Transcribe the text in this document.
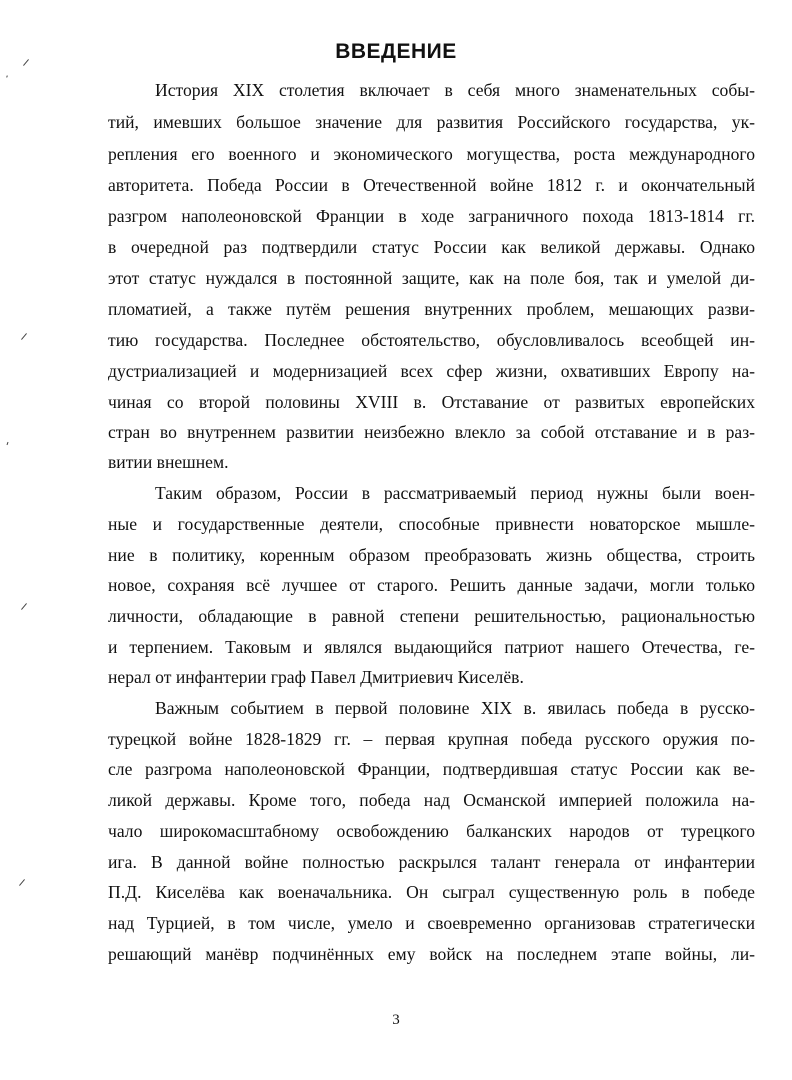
ВВЕДЕНИЕ
История XIX столетия включает в себя много знаменательных собы-
тий, имевших большое значение для развития Российского государства, ук-
репления его военного и экономического могущества, роста международного
авторитета. Победа России в Отечественной войне 1812 г. и окончательный
разгром наполеоновской Франции в ходе заграничного похода 1813-1814 гг.
в очередной раз подтвердили статус России как великой державы. Однако
этот статус нуждался в постоянной защите, как на поле боя, так и умелой ди-
пломатией, а также путём решения внутренних проблем, мешающих разви-
тию государства. Последнее обстоятельство, обусловливалось всеобщей ин-
дустриализацией и модернизацией всех сфер жизни, охвативших Европу на-
чиная со второй половины XVIII в. Отставание от развитых европейских
стран во внутреннем развитии неизбежно влекло за собой отставание и в раз-
витии внешнем.
Таким образом, России в рассматриваемый период нужны были воен-
ные и государственные деятели, способные привнести новаторское мышле-
ние в политику, коренным образом преобразовать жизнь общества, строить
новое, сохраняя всё лучшее от старого. Решить данные задачи, могли только
личности, обладающие в равной степени решительностью, рациональностью
и терпением. Таковым и являлся выдающийся патриот нашего Отечества, ге-
нерал от инфантерии граф Павел Дмитриевич Киселёв.
Важным событием в первой половине XIX в. явилась победа в русско-
турецкой войне 1828-1829 гг. – первая крупная победа русского оружия по-
сле разгрома наполеоновской Франции, подтвердившая статус России как ве-
ликой державы. Кроме того, победа над Османской империей положила на-
чало широкомасштабному освобождению балканских народов от турецкого
ига. В данной войне полностью раскрылся талант генерала от инфантерии
П.Д. Киселёва как военачальника. Он сыграл существенную роль в победе
над Турцией, в том числе, умело и своевременно организовав стратегически
решающий манёвр подчинённых ему войск на последнем этапе войны, ли-
3
